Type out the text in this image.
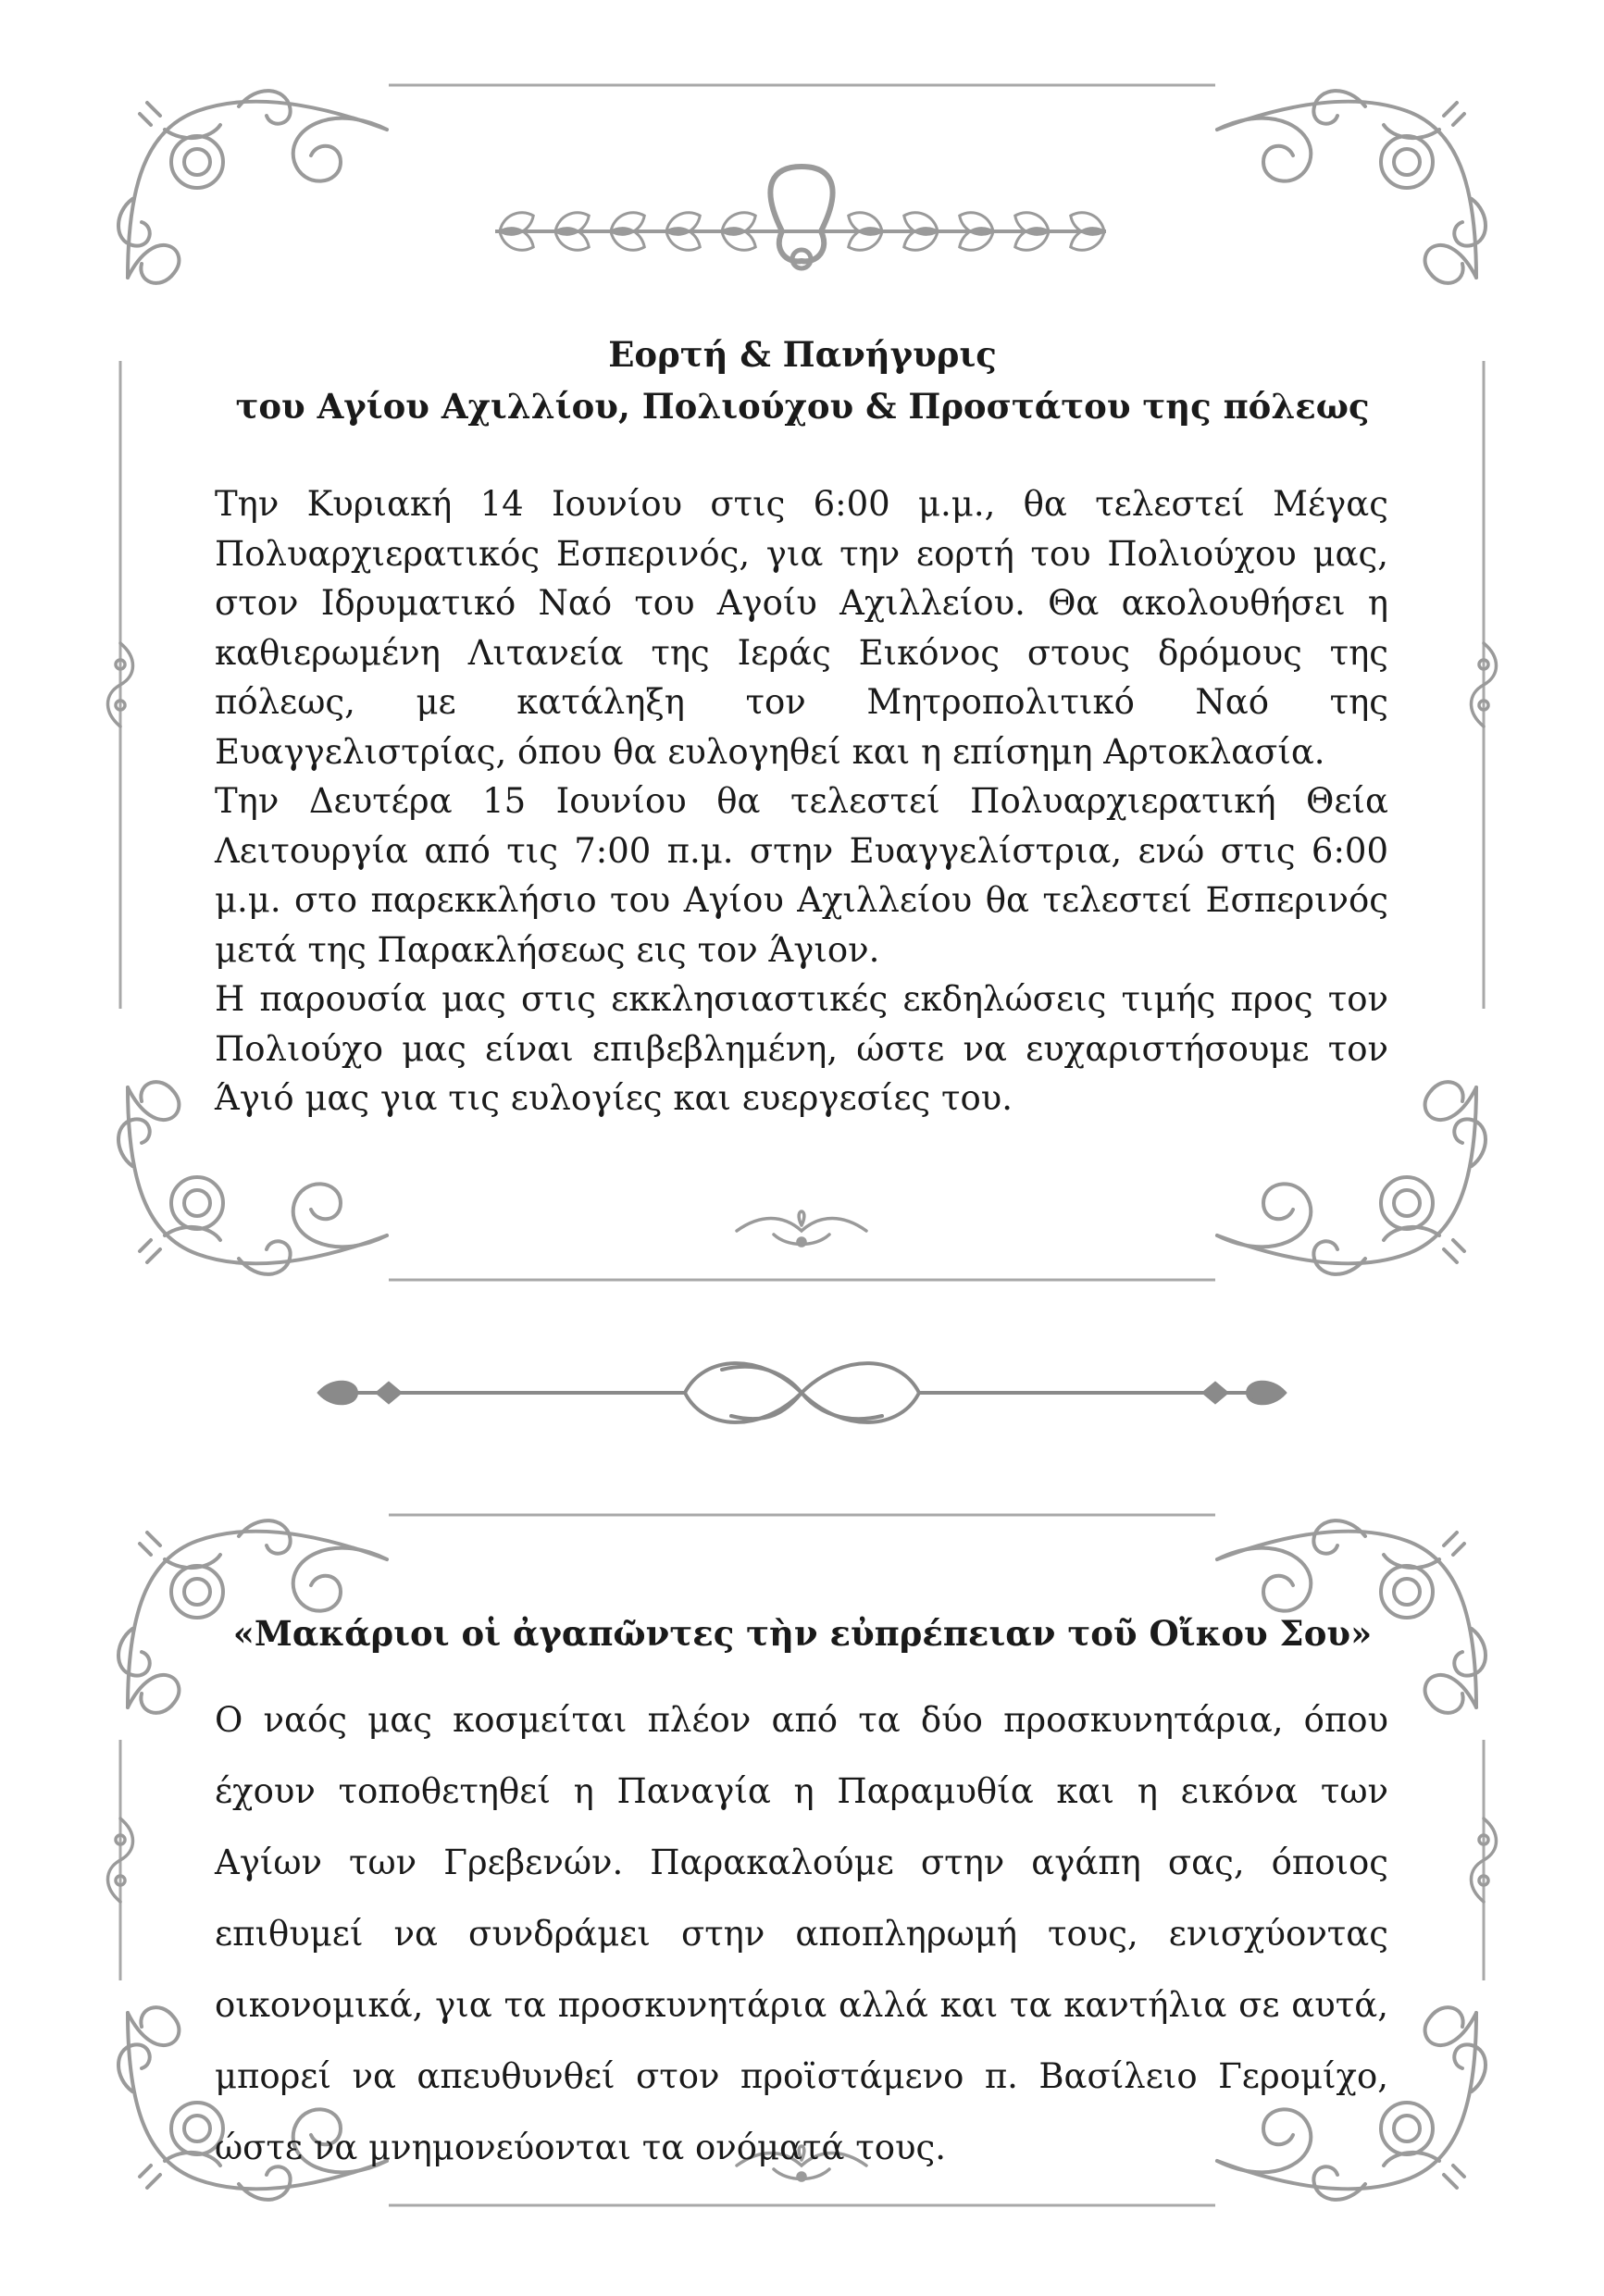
Εορτή & Πανήγυρις
του Αγίου Αχιλλίου, Πολιούχου & Προστάτου της πόλεως

Την Κυριακή 14 Ιουνίου στις 6:00 μ.μ., θα τελεστεί Μέγας Πολυαρχιερατικός Εσπερινός, για την εορτή του Πολιούχου μας, στον Ιδρυματικό Ναό του Αγοίυ Αχιλλείου. Θα ακολουθήσει η καθιερωμένη Λιτανεία της Ιεράς Εικόνος στους δρόμους της πόλεως, με κατάληξη τον Μητροπολιτικό Ναό της Ευαγγελιστρίας, όπου θα ευλογηθεί και η επίσημη Αρτοκλασία.

Την Δευτέρα 15 Ιουνίου θα τελεστεί Πολυαρχιερατική Θεία Λειτουργία από τις 7:00 π.μ. στην Ευαγγελίστρια, ενώ στις 6:00 μ.μ. στο παρεκκλήσιο του Αγίου Αχιλλείου θα τελεστεί Εσπερινός μετά της Παρακλήσεως εις τον Άγιον.

Η παρουσία μας στις εκκλησιαστικές εκδηλώσεις τιμής προς τον Πολιούχο μας είναι επιβεβλημένη, ώστε να ευχαριστήσουμε τον Άγιό μας για τις ευλογίες και ευεργεσίες του.

«Μακάριοι οἱ ἀγαπῶντες τὴν εὐπρέπειαν τοῦ Οἴκου Σου»

Ο ναός μας κοσμείται πλέον από τα δύο προσκυνητάρια, όπου έχουν τοποθετηθεί η Παναγία η Παραμυθία και η εικόνα των Αγίων των Γρεβενών. Παρακαλούμε στην αγάπη σας, όποιος επιθυμεί να συνδράμει στην αποπληρωμή τους, ενισχύοντας οικονομικά, για τα προσκυνητάρια αλλά και τα καντήλια σε αυτά, μπορεί να απευθυνθεί στον προϊστάμενο π. Βασίλειο Γερομίχο, ώστε να μνημονεύονται τα ονόματά τους.
